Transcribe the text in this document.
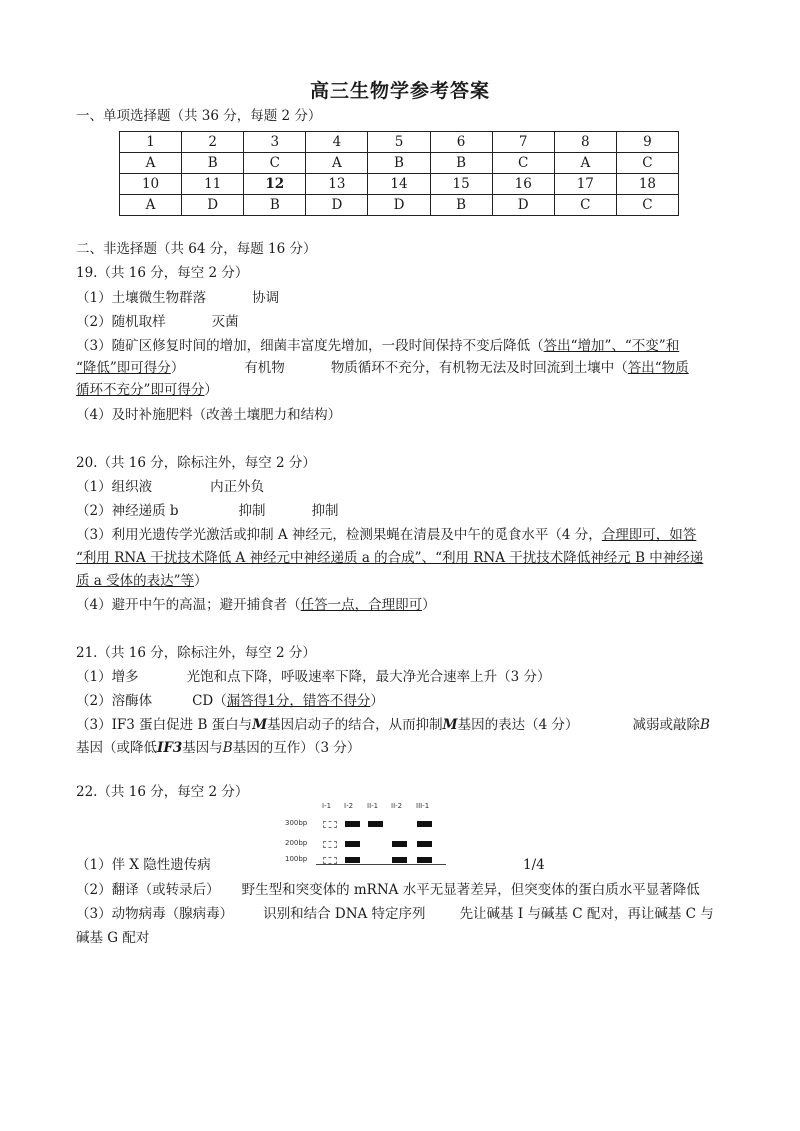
高三生物学参考答案
一、单项选择题（共 36 分，每题 2 分）
1	2	3	4	5	6	7	8	9
A	B	C	A	B	B	C	A	C
10	11	12	13	14	15	16	17	18
A	D	B	D	D	B	D	C	C
二、非选择题（共 64 分，每题 16 分）
19.（共 16 分，每空 2 分）
（1）土壤微生物群落	协调
（2）随机取样	灭菌
（3）随矿区修复时间的增加，细菌丰富度先增加，一段时间保持不变后降低（答出“增加”、“不变”和
“降低”即可得分）	有机物	物质循环不充分，有机物无法及时回流到土壤中（答出“物质
循环不充分”即可得分）
（4）及时补施肥料（改善土壤肥力和结构）
20.（共 16 分，除标注外，每空 2 分）
（1）组织液	内正外负
（2）神经递质 b	抑制	抑制
（3）利用光遗传学光激活或抑制 A 神经元，检测果蝇在清晨及中午的觅食水平（4 分，合理即可，如答
“利用 RNA 干扰技术降低 A 神经元中神经递质 a 的合成”、“利用 RNA 干扰技术降低神经元 B 中神经递
质 a 受体的表达”等）
（4）避开中午的高温；避开捕食者（任答一点，合理即可）
21.（共 16 分，除标注外，每空 2 分）
（1）增多	光饱和点下降，呼吸速率下降，最大净光合速率上升（3 分）
（2）溶酶体	CD（漏答得1分，错答不得分）
（3）IF3 蛋白促进 B 蛋白与M基因启动子的结合，从而抑制M基因的表达（4 分）	减弱或敲除B
基因（或降低IF3基因与B基因的互作）（3 分）
22.（共 16 分，每空 2 分）
I-1 I-2 II-1 II-2 III-1
300bp
200bp
100bp
（1）伴 X 隐性遗传病	1/4
（2）翻译（或转录后） 野生型和突变体的 mRNA 水平无显著差异，但突变体的蛋白质水平显著降低
（3）动物病毒（腺病毒） 识别和结合 DNA 特定序列	先让碱基 I 与碱基 C 配对，再让碱基 C 与
碱基 G 配对
